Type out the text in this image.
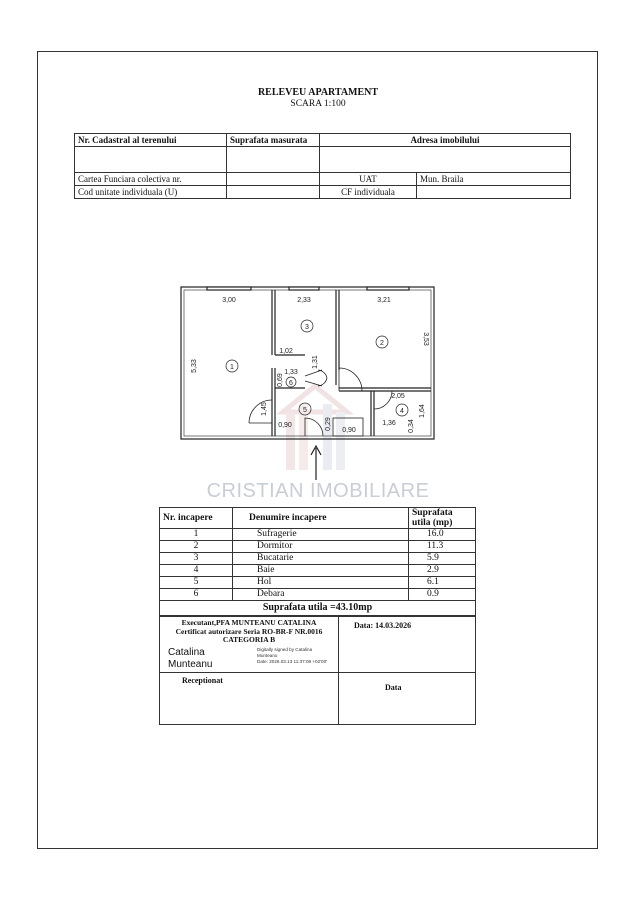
RELEVEU APARTAMENT
SCARA 1:100
Nr. Cadastral al terenului	Suprafata masurata	Adresa imobilului	

Cartea Funciara colectiva nr.		UAT	Mun. Braila
Cod unitate individuala (U)		CF individuala	
1
2
3
4
5
6
3,00	2,33	3,21
5,33
3,53
1,02
1,31
0,69
1,33
1,45
0,90	0,29 0,90
2,05
1,36
1,64
0,34
CRISTIAN IMOBILIARE
Nr. incapere	Denumire incapere	Suprafata utila (mp)
1	Sufragerie	16.0
2	Dormitor	11.3
3	Bucatarie	5.9
4	Baie	2.9
5	Hol	6.1
6	Debara	0.9
Suprafata utila =43.10mp
Executant,PFA MUNTEANU CATALINA
Certificat autorizare Seria RO-BR-F NR.0016
CATEGORIA B
Data: 14.03.2026
Catalina
Munteanu
Digitally signed by Catalina
Munteanu
Date: 2026.03.13 11:37:08 +02'00'
Receptionat
Data
